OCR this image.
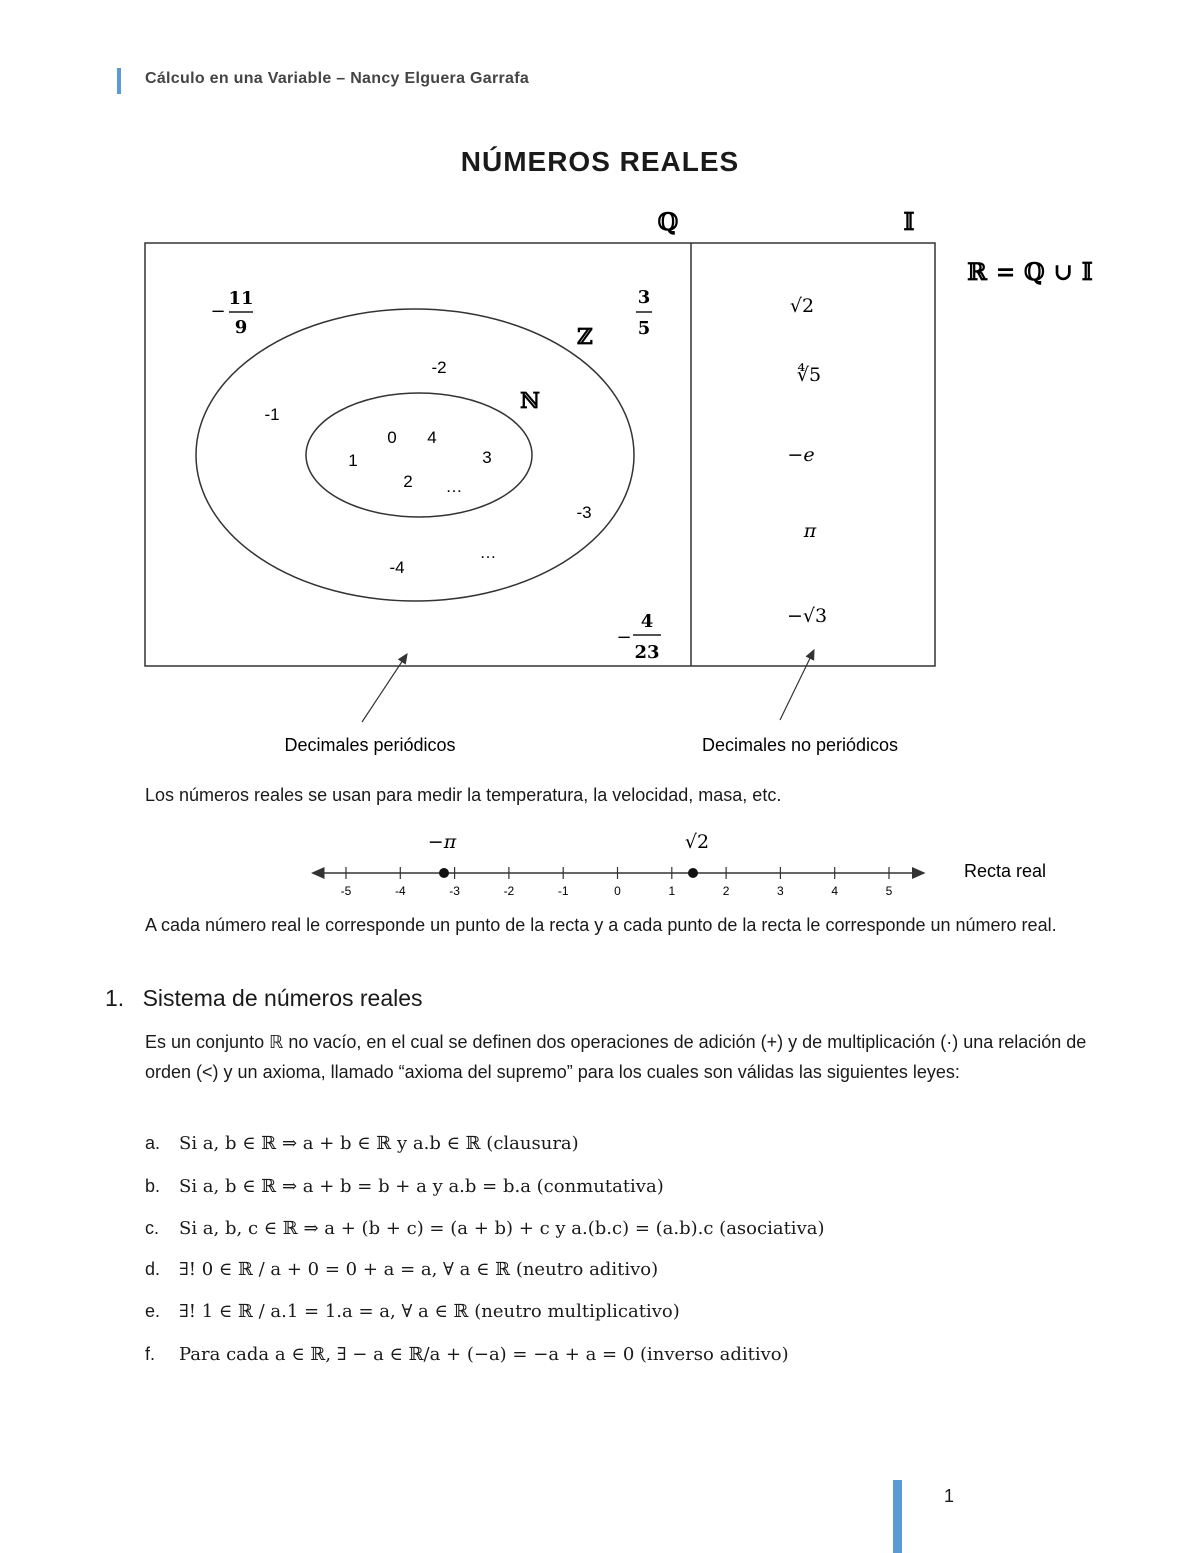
Cálculo en una Variable – Nancy Elguera Garrafa
NÚMEROS REALES
ℚ	𝕀
ℝ = ℚ ∪ 𝕀
ℤ
ℕ
−
11
9
3
5
−
4
23
-2
-1
-3
-4
…
0 4
1	3
2 …
√2
∜5
−e
π
−√3
Decimales periódicos	Decimales no periódicos
Los números reales se usan para medir la temperatura, la velocidad, masa, etc.
-5	-4	-3	-2	-1	0	1	2	3	4	5
−π	√2
Recta real
A cada número real le corresponde un punto de la recta y a cada punto de la recta le corresponde un número real.
1. Sistema de números reales
Es un conjunto ℝ no vacío, en el cual se definen dos operaciones de adición (+) y de multiplicación (·) una relación de orden (<) y un axioma, llamado “axioma del supremo” para los cuales son válidas las siguientes leyes:
a. Si a, b ∈ ℝ ⇒ a + b ∈ ℝ y a.b ∈ ℝ (clausura)
b. Si a, b ∈ ℝ ⇒ a + b = b + a y a.b = b.a (conmutativa)
c. Si a, b, c ∈ ℝ ⇒ a + (b + c) = (a + b) + c y a.(b.c) = (a.b).c (asociativa)
d. ∃! 0 ∈ ℝ / a + 0 = 0 + a = a, ∀ a ∈ ℝ (neutro aditivo)
e. ∃! 1 ∈ ℝ / a.1 = 1.a = a, ∀ a ∈ ℝ (neutro multiplicativo)
f. Para cada a ∈ ℝ, ∃ − a ∈ ℝ/a + (−a) = −a + a = 0 (inverso aditivo)
1
